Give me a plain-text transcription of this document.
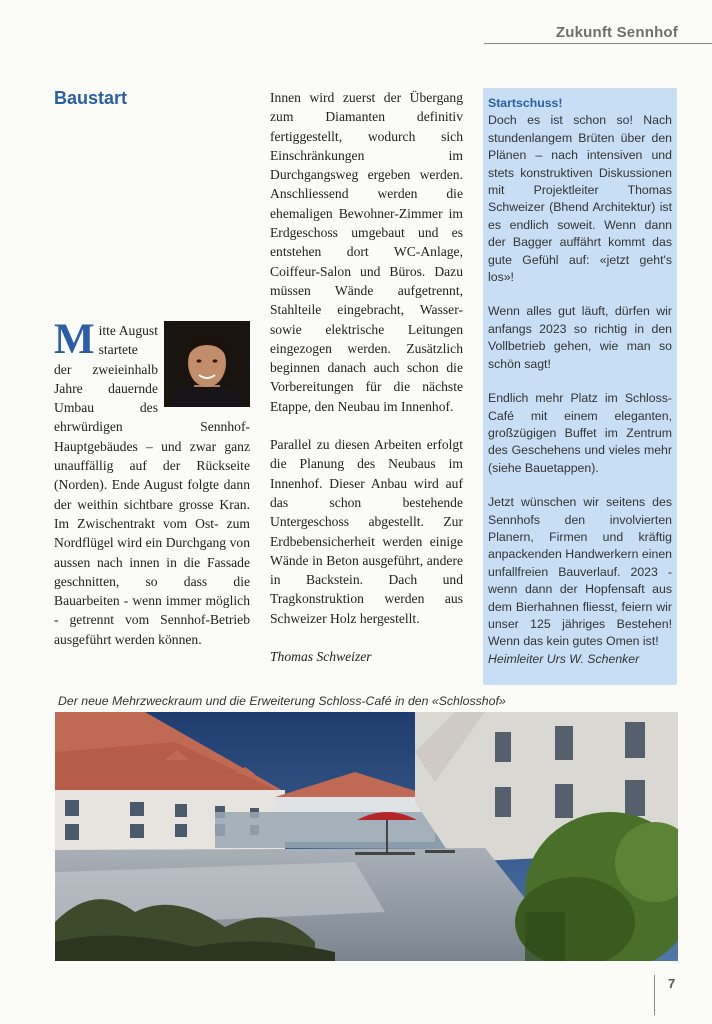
Zukunft Sennhof
Baustart
M itte August startete der zweieinhalb Jahre dauernde Umbau des ehrwürdigen Sennhof-Hauptgebäudes – und zwar ganz unauffällig auf der Rückseite (Norden). Ende August folgte dann der weithin sichtbare grosse Kran. Im Zwischentrakt vom Ost- zum Nordflügel wird ein Durchgang von aussen nach innen in die Fassade geschnitten, so dass die Bauarbeiten - wenn immer möglich - getrennt vom Sennhof-Betrieb ausgeführt werden können.

Innen wird zuerst der Übergang zum Diamanten definitiv fertiggestellt, wodurch sich Einschränkungen im Durchgangsweg ergeben werden. Anschliessend werden die ehemaligen Bewohner-Zimmer im Erdgeschoss umgebaut und es entstehen dort WC-Anlage, Coiffeur-Salon und Büros. Dazu müssen Wände aufgetrennt, Stahlteile eingebracht, Wasser- sowie elektrische Leitungen eingezogen werden. Zusätzlich beginnen danach auch schon die Vorbereitungen für die nächste Etappe, den Neubau im Innenhof.

Parallel zu diesen Arbeiten erfolgt die Planung des Neubaus im Innenhof. Dieser Anbau wird auf das schon bestehende Untergeschoss abgestellt. Zur Erdbebensicherheit werden einige Wände in Beton ausgeführt, andere in Backstein. Dach und Tragkonstruktion werden aus Schweizer Holz hergestellt.

Thomas Schweizer

Startschuss!

Doch es ist schon so! Nach stundenlangem Brüten über den Plänen – nach intensiven und stets konstruktiven Diskussionen mit Projektleiter Thomas Schweizer (Bhend Architektur) ist es endlich soweit. Wenn dann der Bagger auffährt kommt das gute Gefühl auf: «jetzt geht's los»!

Wenn alles gut läuft, dürfen wir anfangs 2023 so richtig in den Vollbetrieb gehen, wie man so schön sagt!

Endlich mehr Platz im Schloss-Café mit einem eleganten, großzügigen Buffet im Zentrum des Geschehens und vieles mehr (siehe Bauetappen).

Jetzt wünschen wir seitens des Sennhofs den involvierten Planern, Firmen und kräftig anpackenden Handwerkern einen unfallfreien Bauverlauf. 2023 - wenn dann der Hopfensaft aus dem Bierhahnen fliesst, feiern wir unser 125 jähriges Bestehen! Wenn das kein gutes Omen ist!

Heimleiter Urs W. Schenker

Der neue Mehrzweckraum und die Erweiterung Schloss-Café in den «Schlosshof»
7
